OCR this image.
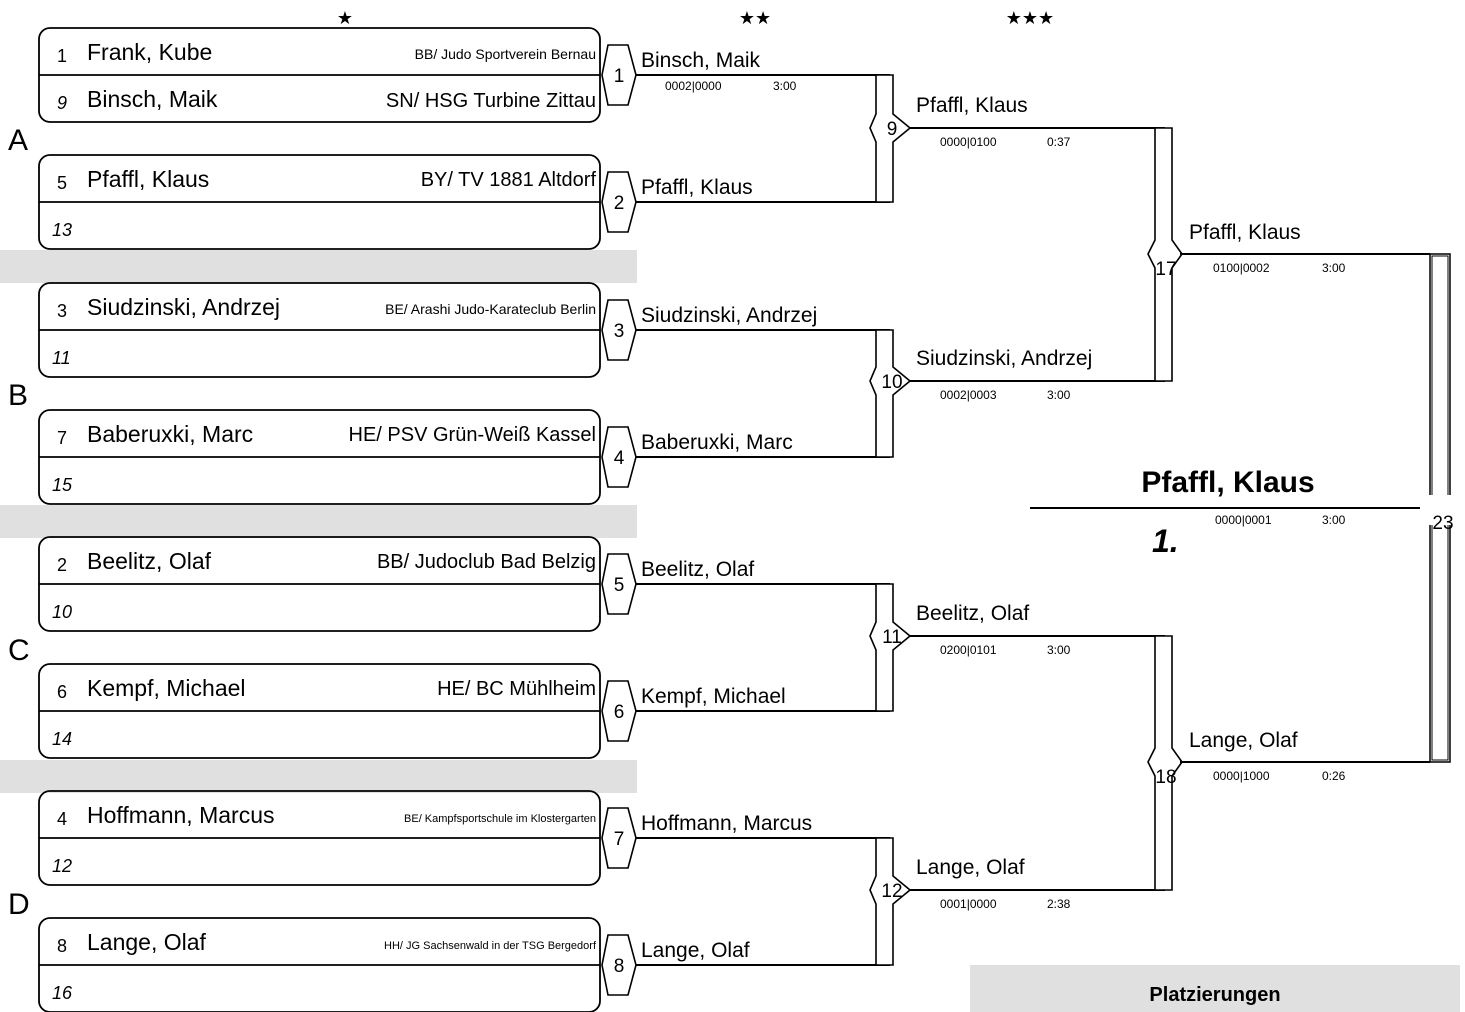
★	★★	★★★
A
B
C
D
1 Frank, Kube	BB/ Judo Sportverein Bernau
9 Binsch, Maik	SN/ HSG Turbine Zittau
5 Pfaffl, Klaus	BY/ TV 1881 Altdorf
13
3 Siudzinski, Andrzej	BE/ Arashi Judo-Karateclub Berlin
11
7 Baberuxki, Marc	HE/ PSV Grün-Weiß Kassel
15
2 Beelitz, Olaf	BB/ Judoclub Bad Belzig
10
6 Kempf, Michael	HE/ BC Mühlheim
14
4 Hoffmann, Marcus	BE/ Kampfsportschule im Klostergarten
12
8 Lange, Olaf	HH/ JG Sachsenwald in der TSG Bergedorf
16
1
Binsch, Maik
0002|0000	3:00
2
Pfaffl, Klaus
3
Siudzinski, Andrzej
4
Baberuxki, Marc
5
Beelitz, Olaf
6
Kempf, Michael
7
Hoffmann, Marcus
8
Lange, Olaf
9
Pfaffl, Klaus
0000|0100	0:37
10
Siudzinski, Andrzej
0002|0003	3:00
11
Beelitz, Olaf
0200|0101	3:00
12
Lange, Olaf
0001|0000	2:38
17
Pfaffl, Klaus
0100|0002	3:00
18
Lange, Olaf
0000|1000	0:26
23
Pfaffl, Klaus
1.
0000|0001	3:00
Platzierungen
